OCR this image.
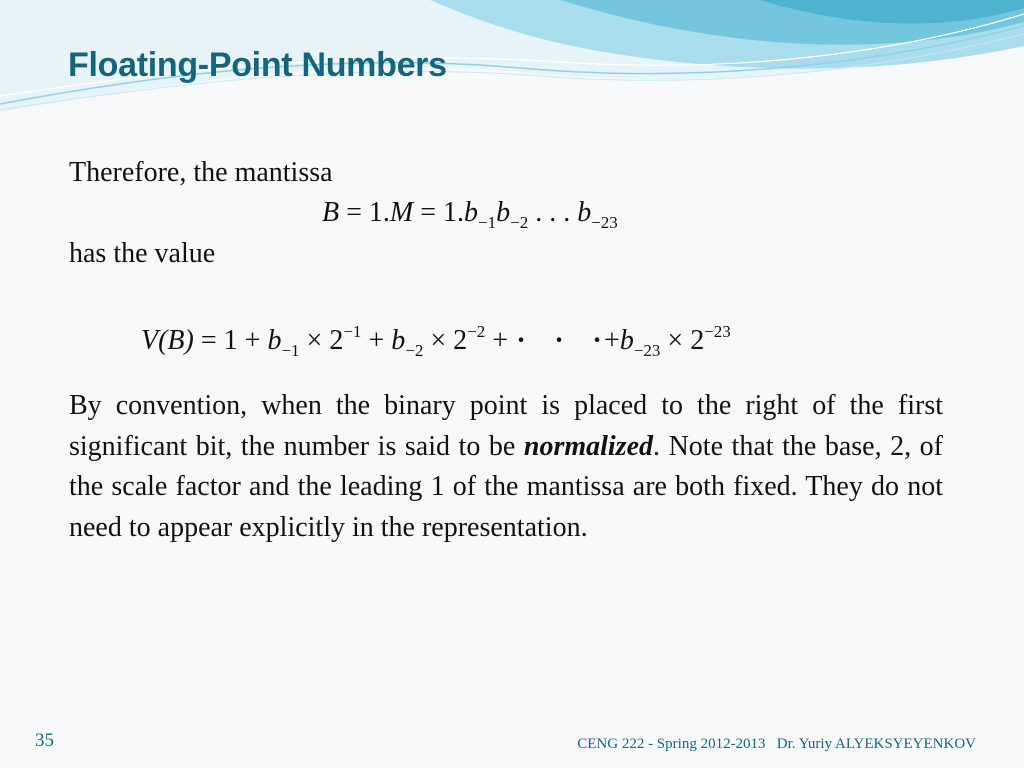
Floating-Point Numbers
Therefore, the mantissa
$B = 1.M = 1.b_{-1}b_{-2}$ . . . $b_{-23}$
has the value
$V(B) = 1 + b_{-1} \times 2^{-1} + b_{-2} \times 2^{-2}$ + · · $\cdot+b_{-23} \times 2^{-23}$

By convention, when the binary point is placed to the right of the first significant bit, the number is said to be normalized. Note that the base, 2, of the scale factor and the leading 1 of the mantissa are both fixed. They do not need to appear explicitly in the representation.

35	CENG 222 - Spring 2012-2013   Dr. Yuriy ALYEKSYEYENKOV
